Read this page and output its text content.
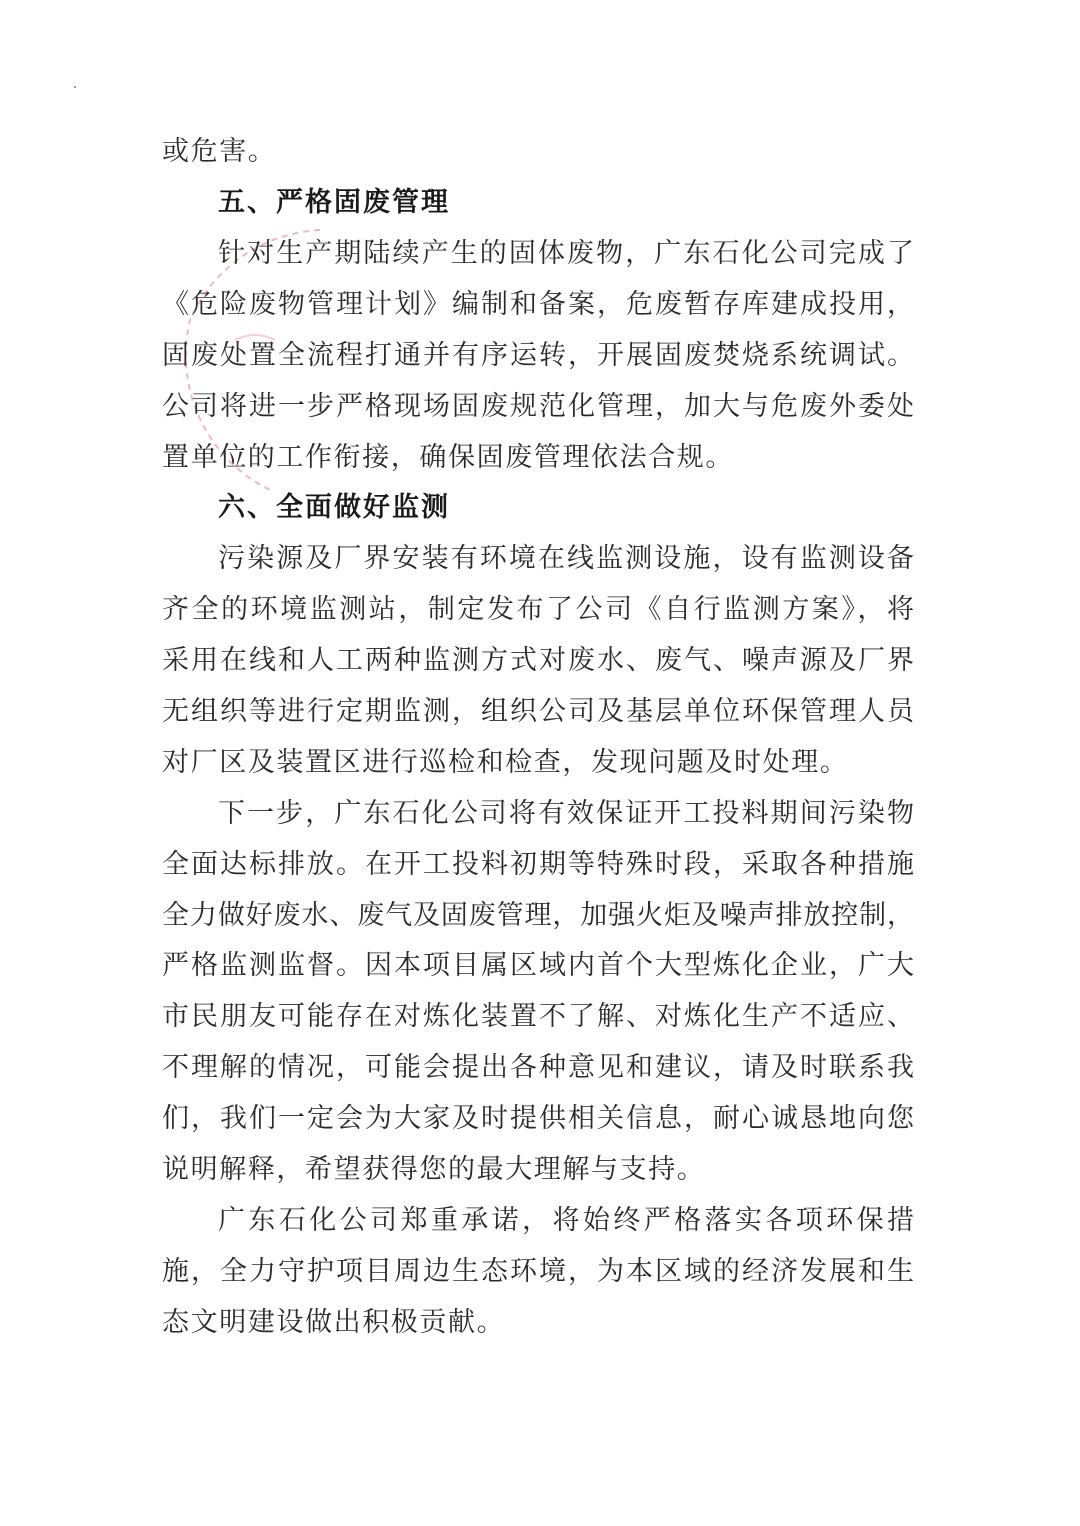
或危害。
五、严格固废管理
针对生产期陆续产生的固体废物，广东石化公司完成了
《危险废物管理计划》编制和备案，危废暂存库建成投用，
固废处置全流程打通并有序运转，开展固废焚烧系统调试。
公司将进一步严格现场固废规范化管理，加大与危废外委处
置单位的工作衔接，确保固废管理依法合规。
六、全面做好监测
污染源及厂界安装有环境在线监测设施，设有监测设备
齐全的环境监测站，制定发布了公司《自行监测方案》，将
采用在线和人工两种监测方式对废水、废气、噪声源及厂界
无组织等进行定期监测，组织公司及基层单位环保管理人员
对厂区及装置区进行巡检和检查，发现问题及时处理。
下一步，广东石化公司将有效保证开工投料期间污染物
全面达标排放。在开工投料初期等特殊时段，采取各种措施
全力做好废水、废气及固废管理，加强火炬及噪声排放控制，
严格监测监督。因本项目属区域内首个大型炼化企业，广大
市民朋友可能存在对炼化装置不了解、对炼化生产不适应、
不理解的情况，可能会提出各种意见和建议，请及时联系我
们，我们一定会为大家及时提供相关信息，耐心诚恳地向您
说明解释，希望获得您的最大理解与支持。
广东石化公司郑重承诺，将始终严格落实各项环保措
施，全力守护项目周边生态环境，为本区域的经济发展和生
态文明建设做出积极贡献。
